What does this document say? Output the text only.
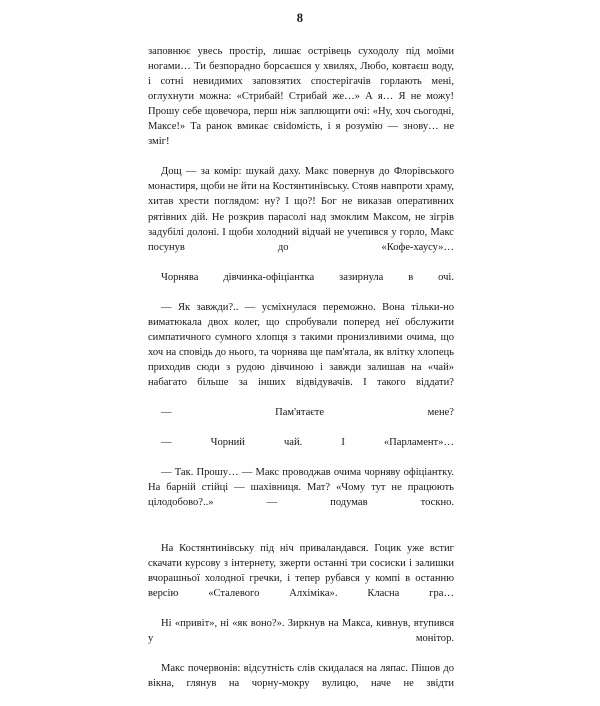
8

заповнює увесь простір, лишає острівець суходолу під моїми ногами… Ти безпорадно борсаєшся у хвилях, Любо, ковтаєш воду, і сотні невидимих заповзятих спостерігачів горлають мені, оглухнути можна: «Стрибай! Стрибай же…» А я… Я не можу! Прошу себе щовечора, перш ніж заплющити очі: «Ну, хоч сьогодні, Максе!» Та ранок вмикає свіdомість, і я розумію — знову… не зміг!

Дощ — за комір: шукай даху. Макс повернув до Флорівського монастиря, щоби не йти на Костянтинівську. Стояв навпроти храму, хитав хрести поглядом: ну? І що?! Бог не виказав оперативних рятівних дій. Не розкрив парасолі над змоклим Максом, не зігрів задубілі долоні. І щоби холодний відчай не учепився у горло, Макс посунув до «Кофе-хаусу»…

Чорнява дівчинка-офіціантка зазирнула в очі.

— Як завжди?.. — усміхнулася переможно. Вона тільки-но виматюкала двох колег, що спробували поперед неї обслужити симпатичного сумного хлопця з такими пронизливими очима, що хоч на сповідь до нього, та чорнява ще пам'ятала, як влітку хлопець приходив сюди з рудою дівчиною і завжди залишав на «чай» набагато більше за інших відвідувачів. І такого віддати?

— Пам'ятаєте мене?

— Чорний чай. І «Парламент»…

— Так. Прошу… — Макс проводжав очима чорняву офіціантку. На барній стійці — шахівниця. Мат? «Чому тут не працюють цілодобово?..» — подумав тоскно.

На Костянтинівську під ніч приваландався. Гоцик уже встиг скачати курсову з інтернету, зжерти останні три сосиски і залишки вчорашньої холодної гречки, і тепер рубався у компі в останню версію «Сталевого Алхіміка». Класна гра…

Ні «привіт», ні «як воно?». Зиркнув на Макса, кивнув, втупився у монітор.

Макс почервонів: відсутність слів скидалася на ляпас. Пішов до вікна, глянув на чорну-мокру вулицю, наче не звідти
